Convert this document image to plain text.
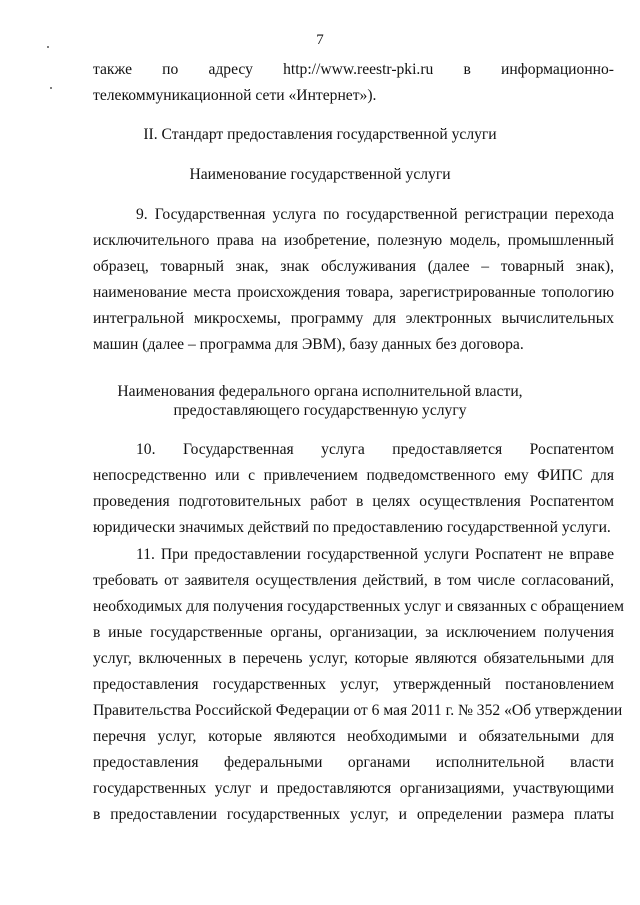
7
также по адресу http://www.reestr-pki.ru в информационно-
телекоммуникационной сети «Интернет»).
II. Стандарт предоставления государственной услуги
Наименование государственной услуги
9. Государственная услуга по государственной регистрации перехода
исключительного права на изобретение, полезную модель, промышленный
образец, товарный знак, знак обслуживания (далее – товарный знак),
наименование места происхождения товара, зарегистрированные топологию
интегральной микросхемы, программу для электронных вычислительных
машин (далее – программа для ЭВМ), базу данных без договора.
Наименования федерального органа исполнительной власти,
предоставляющего государственную услугу
10. Государственная услуга предоставляется Роспатентом
непосредственно или с привлечением подведомственного ему ФИПС для
проведения подготовительных работ в целях осуществления Роспатентом
юридически значимых действий по предоставлению государственной услуги.
11. При предоставлении государственной услуги Роспатент не вправе
требовать от заявителя осуществления действий, в том числе согласований,
необходимых для получения государственных услуг и связанных с обращением
в иные государственные органы, организации, за исключением получения
услуг, включенных в перечень услуг, которые являются обязательными для
предоставления государственных услуг, утвержденный постановлением
Правительства Российской Федерации от 6 мая 2011 г. № 352 «Об утверждении
перечня услуг, которые являются необходимыми и обязательными для
предоставления федеральными органами исполнительной власти
государственных услуг и предоставляются организациями, участвующими
в предоставлении государственных услуг, и определении размера платы
